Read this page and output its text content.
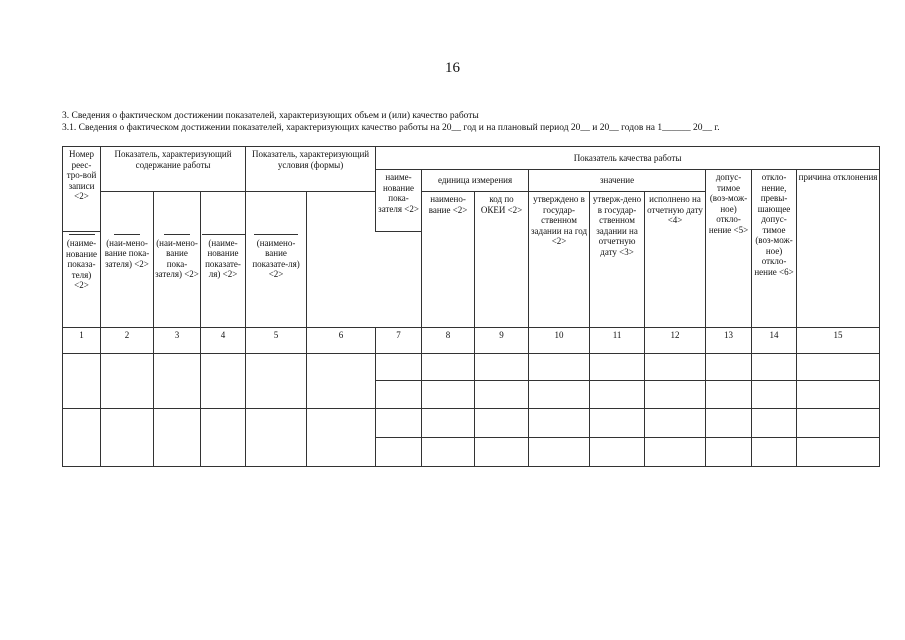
16
3. Сведения о фактическом достижении показателей, характеризующих объем и (или) качество работы
3.1. Сведения о фактическом достижении показателей, характеризующих качество работы на 20__ год и на плановый период 20__ и 20__ годов на 1______ 20__ г.
Номер реес-тро-вой записи <2>	Показатель, характеризующий содержание работы			Показатель, характеризующий условия (формы)		Показатель качества работы								
						наиме-нование пока-зателя <2>	единица измерения		значение			допус-тимое (воз-мож-ное) откло-нение <5>	откло-нение, превы-шающее допус-тимое (воз-мож-ное) откло-нение <6>	причина отклонения
							наимено-вание <2>	код по ОКЕИ <2>	утверждено в государ-ственном задании на год <2>	утверж-дено в государ-ственном задании на отчетную дату <3>	исполнено на отчетную дату <4>			

(наиме-нование показа-теля) <2>	(наи-мено-вание пока-зателя) <2>	(наи-мено-вание пока-зателя) <2>	(наиме-нование показате-ля) <2>	(наимено-вание показате-ля) <2>										
1	2	3	4	5	6	7	8	9	10	11	12	13	14	15
